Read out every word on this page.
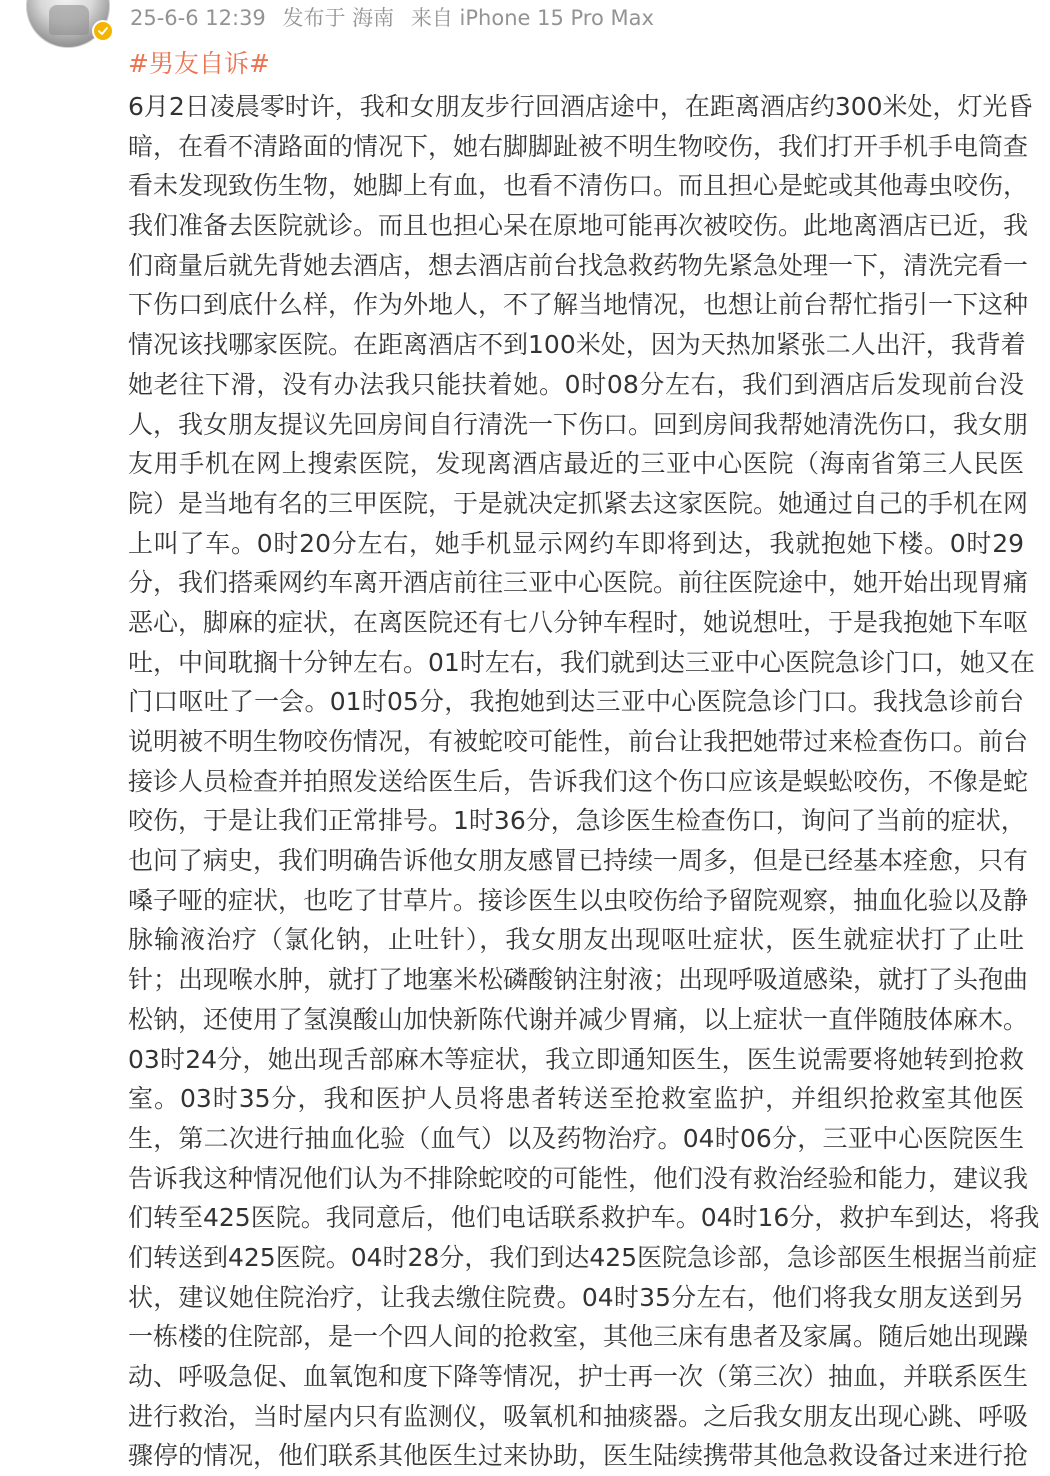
25-6-6 12:39 发布于 海南 来自 iPhone 15 Pro Max
#男友自诉#
6月2日凌晨零时许，我和女朋友步行回酒店途中，在距离酒店约300米处，灯光昏
暗，在看不清路面的情况下，她右脚脚趾被不明生物咬伤，我们打开手机手电筒查
看未发现致伤生物，她脚上有血，也看不清伤口。而且担心是蛇或其他毒虫咬伤，
我们准备去医院就诊。而且也担心呆在原地可能再次被咬伤。此地离酒店已近，我
们商量后就先背她去酒店，想去酒店前台找急救药物先紧急处理一下，清洗完看一
下伤口到底什么样，作为外地人，不了解当地情况，也想让前台帮忙指引一下这种
情况该找哪家医院。在距离酒店不到100米处，因为天热加紧张二人出汗，我背着
她老往下滑，没有办法我只能扶着她。0时08分左右，我们到酒店后发现前台没
人，我女朋友提议先回房间自行清洗一下伤口。回到房间我帮她清洗伤口，我女朋
友用手机在网上搜索医院，发现离酒店最近的三亚中心医院（海南省第三人民医
院）是当地有名的三甲医院，于是就决定抓紧去这家医院。她通过自己的手机在网
上叫了车。0时20分左右，她手机显示网约车即将到达，我就抱她下楼。0时29
分，我们搭乘网约车离开酒店前往三亚中心医院。前往医院途中，她开始出现胃痛
恶心，脚麻的症状，在离医院还有七八分钟车程时，她说想吐，于是我抱她下车呕
吐，中间耽搁十分钟左右。01时左右，我们就到达三亚中心医院急诊门口，她又在
门口呕吐了一会。01时05分，我抱她到达三亚中心医院急诊门口。我找急诊前台
说明被不明生物咬伤情况，有被蛇咬可能性，前台让我把她带过来检查伤口。前台
接诊人员检查并拍照发送给医生后，告诉我们这个伤口应该是蜈蚣咬伤，不像是蛇
咬伤，于是让我们正常排号。1时36分，急诊医生检查伤口，询问了当前的症状，
也问了病史，我们明确告诉他女朋友感冒已持续一周多，但是已经基本痊愈，只有
嗓子哑的症状，也吃了甘草片。接诊医生以虫咬伤给予留院观察，抽血化验以及静
脉输液治疗（氯化钠，止吐针），我女朋友出现呕吐症状，医生就症状打了止吐
针；出现喉水肿，就打了地塞米松磷酸钠注射液；出现呼吸道感染，就打了头孢曲
松钠，还使用了氢溴酸山加快新陈代谢并减少胃痛，以上症状一直伴随肢体麻木。
03时24分，她出现舌部麻木等症状，我立即通知医生，医生说需要将她转到抢救
室。03时35分，我和医护人员将患者转送至抢救室监护，并组织抢救室其他医
生，第二次进行抽血化验（血气）以及药物治疗。04时06分，三亚中心医院医生
告诉我这种情况他们认为不排除蛇咬的可能性，他们没有救治经验和能力，建议我
们转至425医院。我同意后，他们电话联系救护车。04时16分，救护车到达，将我
们转送到425医院。04时28分，我们到达425医院急诊部，急诊部医生根据当前症
状，建议她住院治疗，让我去缴住院费。04时35分左右，他们将我女朋友送到另
一栋楼的住院部，是一个四人间的抢救室，其他三床有患者及家属。随后她出现躁
动、呼吸急促、血氧饱和度下降等情况，护士再一次（第三次）抽血，并联系医生
进行救治，当时屋内只有监测仪，吸氧机和抽痰器。之后我女朋友出现心跳、呼吸
骤停的情况，他们联系其他医生过来协助，医生陆续携带其他急救设备过来进行抢
